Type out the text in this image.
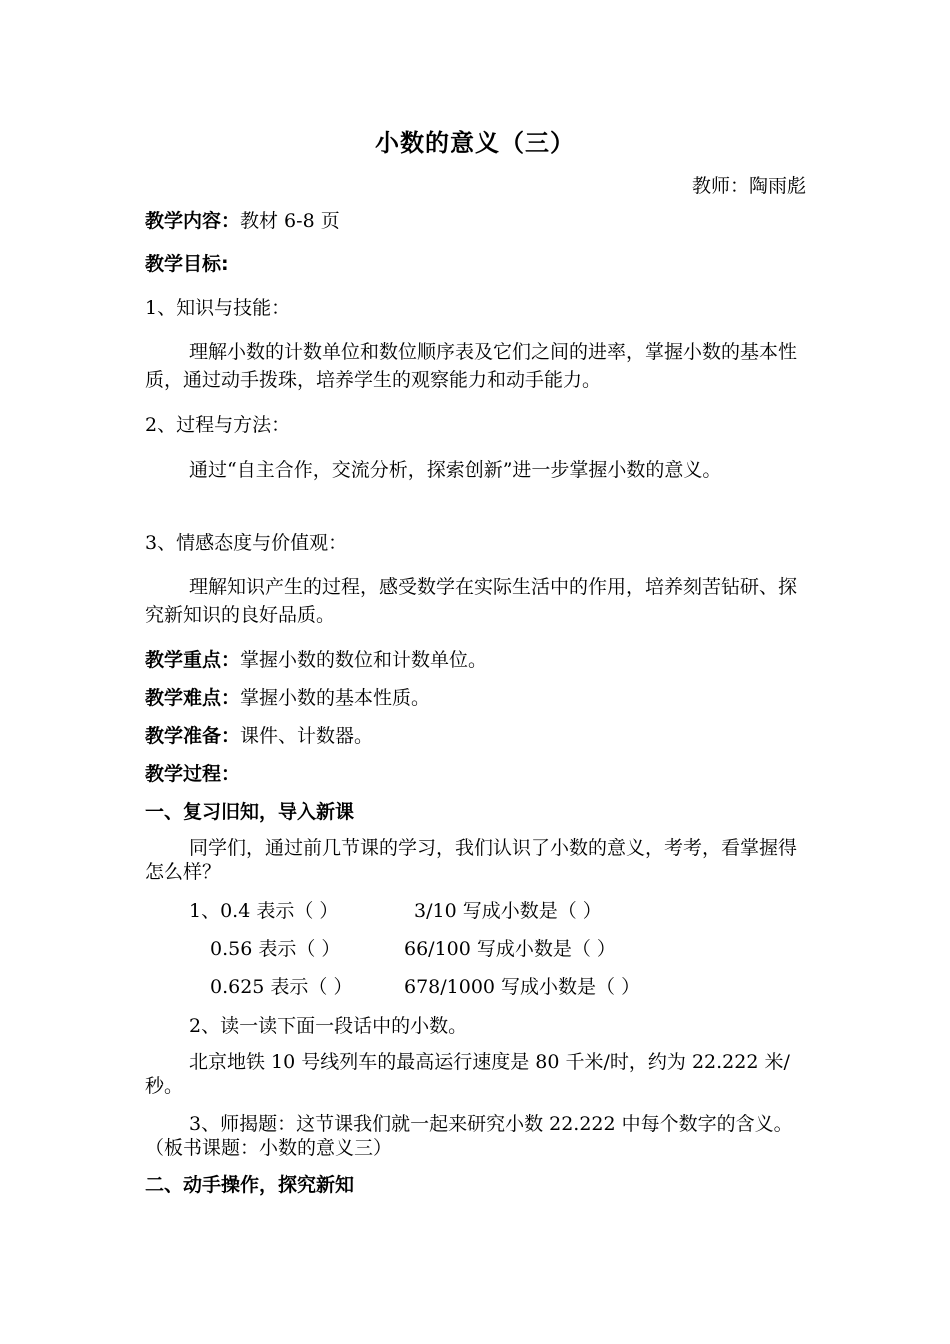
小数的意义（三）
教师：陶雨彪
教学内容：教材 6-8 页
教学目标:
1、知识与技能：
理解小数的计数单位和数位顺序表及它们之间的进率，掌握小数的基本性质，通过动手拨珠，培养学生的观察能力和动手能力。
2、过程与方法：
通过“自主合作，交流分析，探索创新”进一步掌握小数的意义。
3、情感态度与价值观：
理解知识产生的过程，感受数学在实际生活中的作用，培养刻苦钻研、探究新知识的良好品质。
教学重点：掌握小数的数位和计数单位。
教学难点：掌握小数的基本性质。
教学准备：课件、计数器。
教学过程：
一、复习旧知，导入新课
同学们，通过前几节课的学习，我们认识了小数的意义，考考，看掌握得怎么样？
1、0.4 表示（ ）	3/10 写成小数是（ ）
0.56 表示（ ）	66/100 写成小数是（ ）
0.625 表示（ ）	678/1000 写成小数是（ ）
2、读一读下面一段话中的小数。
北京地铁 10 号线列车的最高运行速度是 80 千米/时，约为 22.222 米/秒。
3、师揭题：这节课我们就一起来研究小数 22.222 中每个数字的含义。（板书课题：小数的意义三）
二、动手操作，探究新知
